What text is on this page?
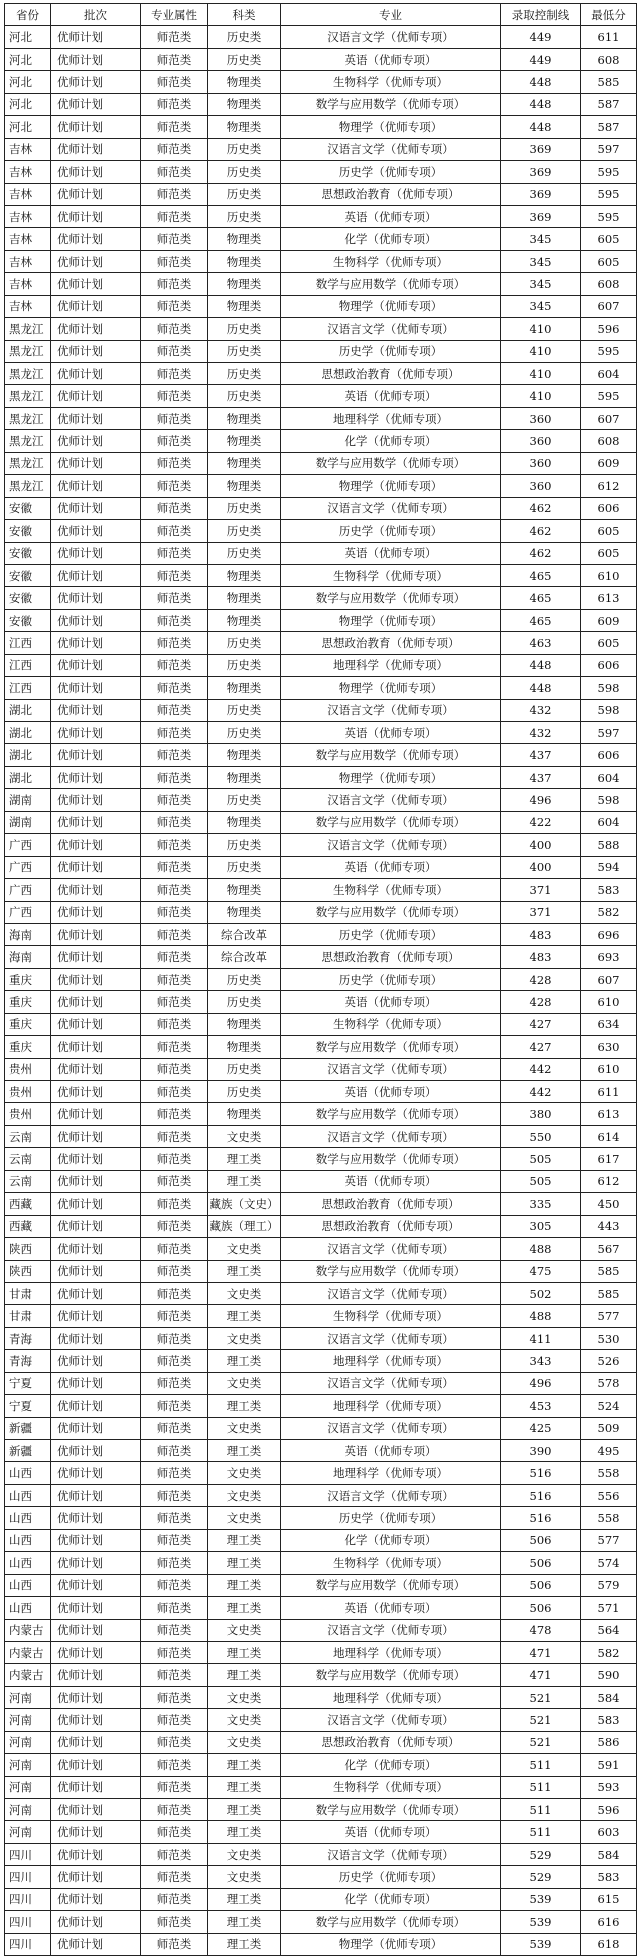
省份	批次	专业属性	科类	专业	录取控制线	最低分
河北	优师计划	师范类	历史类	汉语言文学（优师专项）	449	611
河北	优师计划	师范类	历史类	英语（优师专项）	449	608
河北	优师计划	师范类	物理类	生物科学（优师专项）	448	585
河北	优师计划	师范类	物理类	数学与应用数学（优师专项）	448	587
河北	优师计划	师范类	物理类	物理学（优师专项）	448	587
吉林	优师计划	师范类	历史类	汉语言文学（优师专项）	369	597
吉林	优师计划	师范类	历史类	历史学（优师专项）	369	595
吉林	优师计划	师范类	历史类	思想政治教育（优师专项）	369	595
吉林	优师计划	师范类	历史类	英语（优师专项）	369	595
吉林	优师计划	师范类	物理类	化学（优师专项）	345	605
吉林	优师计划	师范类	物理类	生物科学（优师专项）	345	605
吉林	优师计划	师范类	物理类	数学与应用数学（优师专项）	345	608
吉林	优师计划	师范类	物理类	物理学（优师专项）	345	607
黑龙江	优师计划	师范类	历史类	汉语言文学（优师专项）	410	596
黑龙江	优师计划	师范类	历史类	历史学（优师专项）	410	595
黑龙江	优师计划	师范类	历史类	思想政治教育（优师专项）	410	604
黑龙江	优师计划	师范类	历史类	英语（优师专项）	410	595
黑龙江	优师计划	师范类	物理类	地理科学（优师专项）	360	607
黑龙江	优师计划	师范类	物理类	化学（优师专项）	360	608
黑龙江	优师计划	师范类	物理类	数学与应用数学（优师专项）	360	609
黑龙江	优师计划	师范类	物理类	物理学（优师专项）	360	612
安徽	优师计划	师范类	历史类	汉语言文学（优师专项）	462	606
安徽	优师计划	师范类	历史类	历史学（优师专项）	462	605
安徽	优师计划	师范类	历史类	英语（优师专项）	462	605
安徽	优师计划	师范类	物理类	生物科学（优师专项）	465	610
安徽	优师计划	师范类	物理类	数学与应用数学（优师专项）	465	613
安徽	优师计划	师范类	物理类	物理学（优师专项）	465	609
江西	优师计划	师范类	历史类	思想政治教育（优师专项）	463	605
江西	优师计划	师范类	历史类	地理科学（优师专项）	448	606
江西	优师计划	师范类	物理类	物理学（优师专项）	448	598
湖北	优师计划	师范类	历史类	汉语言文学（优师专项）	432	598
湖北	优师计划	师范类	历史类	英语（优师专项）	432	597
湖北	优师计划	师范类	物理类	数学与应用数学（优师专项）	437	606
湖北	优师计划	师范类	物理类	物理学（优师专项）	437	604
湖南	优师计划	师范类	历史类	汉语言文学（优师专项）	496	598
湖南	优师计划	师范类	物理类	数学与应用数学（优师专项）	422	604
广西	优师计划	师范类	历史类	汉语言文学（优师专项）	400	588
广西	优师计划	师范类	历史类	英语（优师专项）	400	594
广西	优师计划	师范类	物理类	生物科学（优师专项）	371	583
广西	优师计划	师范类	物理类	数学与应用数学（优师专项）	371	582
海南	优师计划	师范类	综合改革	历史学（优师专项）	483	696
海南	优师计划	师范类	综合改革	思想政治教育（优师专项）	483	693
重庆	优师计划	师范类	历史类	历史学（优师专项）	428	607
重庆	优师计划	师范类	历史类	英语（优师专项）	428	610
重庆	优师计划	师范类	物理类	生物科学（优师专项）	427	634
重庆	优师计划	师范类	物理类	数学与应用数学（优师专项）	427	630
贵州	优师计划	师范类	历史类	汉语言文学（优师专项）	442	610
贵州	优师计划	师范类	历史类	英语（优师专项）	442	611
贵州	优师计划	师范类	物理类	数学与应用数学（优师专项）	380	613
云南	优师计划	师范类	文史类	汉语言文学（优师专项）	550	614
云南	优师计划	师范类	理工类	数学与应用数学（优师专项）	505	617
云南	优师计划	师范类	理工类	英语（优师专项）	505	612
西藏	优师计划	师范类	藏族（文史）	思想政治教育（优师专项）	335	450
西藏	优师计划	师范类	藏族（理工）	思想政治教育（优师专项）	305	443
陕西	优师计划	师范类	文史类	汉语言文学（优师专项）	488	567
陕西	优师计划	师范类	理工类	数学与应用数学（优师专项）	475	585
甘肃	优师计划	师范类	文史类	汉语言文学（优师专项）	502	585
甘肃	优师计划	师范类	理工类	生物科学（优师专项）	488	577
青海	优师计划	师范类	文史类	汉语言文学（优师专项）	411	530
青海	优师计划	师范类	理工类	地理科学（优师专项）	343	526
宁夏	优师计划	师范类	文史类	汉语言文学（优师专项）	496	578
宁夏	优师计划	师范类	理工类	地理科学（优师专项）	453	524
新疆	优师计划	师范类	文史类	汉语言文学（优师专项）	425	509
新疆	优师计划	师范类	理工类	英语（优师专项）	390	495
山西	优师计划	师范类	文史类	地理科学（优师专项）	516	558
山西	优师计划	师范类	文史类	汉语言文学（优师专项）	516	556
山西	优师计划	师范类	文史类	历史学（优师专项）	516	558
山西	优师计划	师范类	理工类	化学（优师专项）	506	577
山西	优师计划	师范类	理工类	生物科学（优师专项）	506	574
山西	优师计划	师范类	理工类	数学与应用数学（优师专项）	506	579
山西	优师计划	师范类	理工类	英语（优师专项）	506	571
内蒙古	优师计划	师范类	文史类	汉语言文学（优师专项）	478	564
内蒙古	优师计划	师范类	理工类	地理科学（优师专项）	471	582
内蒙古	优师计划	师范类	理工类	数学与应用数学（优师专项）	471	590
河南	优师计划	师范类	文史类	地理科学（优师专项）	521	584
河南	优师计划	师范类	文史类	汉语言文学（优师专项）	521	583
河南	优师计划	师范类	文史类	思想政治教育（优师专项）	521	586
河南	优师计划	师范类	理工类	化学（优师专项）	511	591
河南	优师计划	师范类	理工类	生物科学（优师专项）	511	593
河南	优师计划	师范类	理工类	数学与应用数学（优师专项）	511	596
河南	优师计划	师范类	理工类	英语（优师专项）	511	603
四川	优师计划	师范类	文史类	汉语言文学（优师专项）	529	584
四川	优师计划	师范类	文史类	历史学（优师专项）	529	583
四川	优师计划	师范类	理工类	化学（优师专项）	539	615
四川	优师计划	师范类	理工类	数学与应用数学（优师专项）	539	616
四川	优师计划	师范类	理工类	物理学（优师专项）	539	618
